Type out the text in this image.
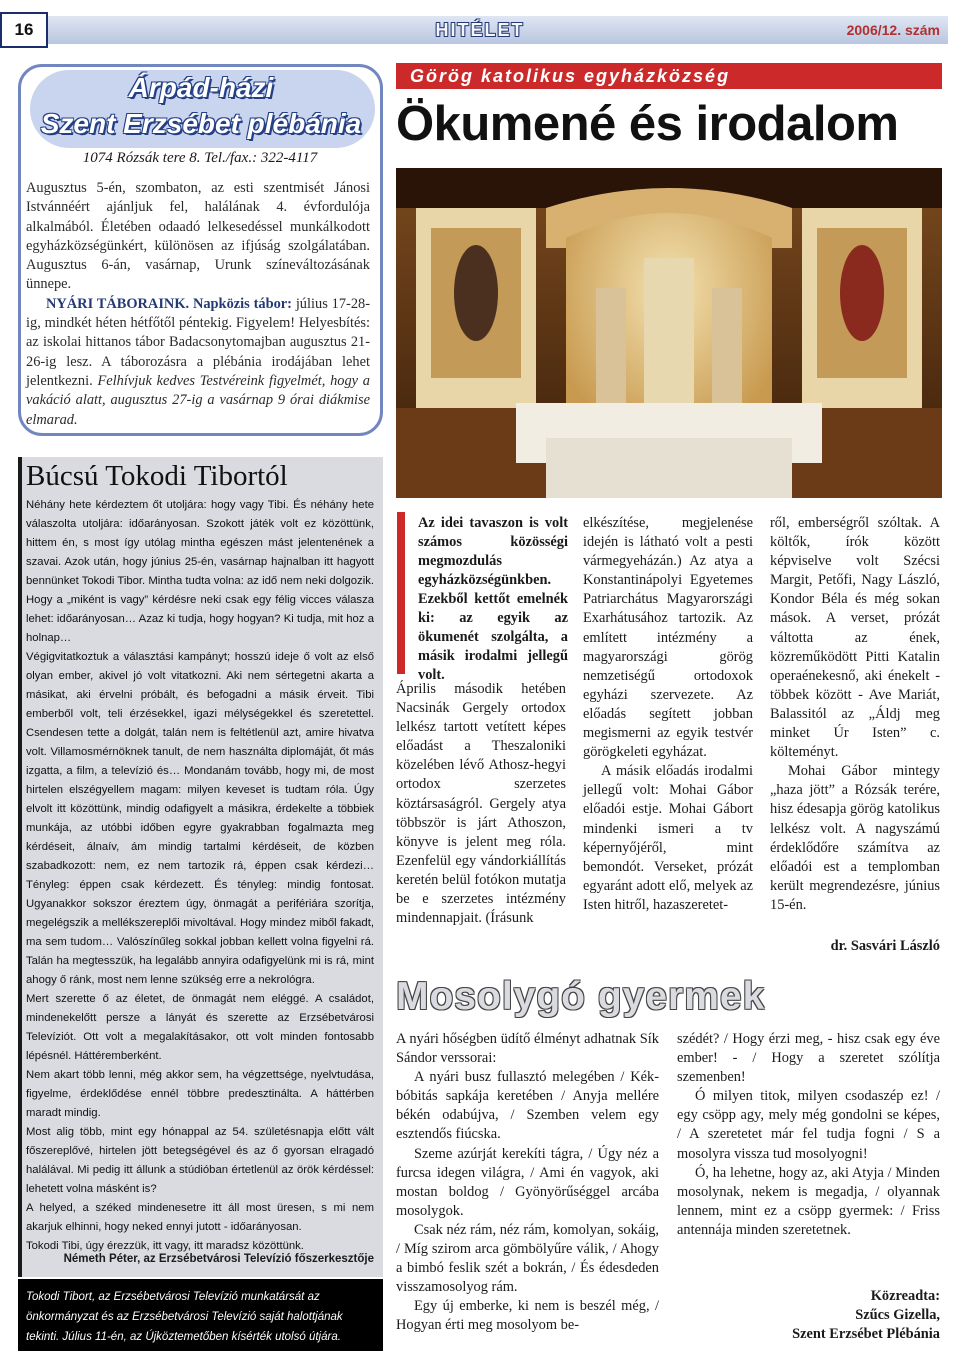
16	HITÉLET	2006/12. szám
Árpád-házi
Szent Erzsébet plébánia
1074 Rózsák tere 8. Tel./fax.: 322-4117

Augusztus 5-én, szombaton, az esti szentmisét Jánosi Istvánnéért ajánljuk fel, halálának 4. évfordulója alkalmából. Életében odaadó lelkesedéssel munkálkodott egyházközségünkért, különösen az ifjúság szolgálatában. Augusztus 6-án, vasárnap, Urunk színeváltozásának ünnepe.

NYÁRI TÁBORAINK. Napközis tábor: július 17-28-ig, mindkét héten hétfőtől péntekig. Figyelem! Helyesbítés: az iskolai hittanos tábor Badacsonytomajban augusztus 21-26-ig lesz. A táborozásra a plébánia irodájában lehet jelentkezni. Felhívjuk kedves Testvéreink figyelmét, hogy a vakáció alatt, augusztus 27-ig a vasárnap 9 órai diákmise elmarad.

Búcsú Tokodi Tibortól

Néhány hete kérdeztem őt utoljára: hogy vagy Tibi. És néhány hete válaszolta utoljára: időarányosan. Szokott játék volt ez közöttünk, hittem én, s most így utólag mintha egészen mást jelentenének a szavai. Azok után, hogy június 25-én, vasárnap hajnalban itt hagyott bennünket Tokodi Tibor. Mintha tudta volna: az idő nem neki dolgozik. Hogy a „miként is vagy” kérdésre neki csak egy félig vicces válasza lehet: időarányosan… Azaz ki tudja, hogy hogyan? Ki tudja, mit hoz a holnap…

Végigvitatkoztuk a választási kampányt; hosszú ideje ő volt az első olyan ember, akivel jó volt vitatkozni. Aki nem sértegetni akarta a másikat, aki érvelni próbált, és befogadni a másik érveit. Tibi emberből volt, teli érzésekkel, igazi mélységekkel és szeretettel. Csendesen tette a dolgát, talán nem is feltétlenül azt, amire hivatva volt. Villamosmérnöknek tanult, de nem használta diplomáját, őt más izgatta, a film, a televízió és… Mondanám tovább, hogy mi, de most hirtelen elszégyellem magam: milyen keveset is tudtam róla. Úgy elvolt itt közöttünk, mindig odafigyelt a másikra, érdekelte a többiek munkája, az utóbbi időben egyre gyakrabban fogalmazta meg kérdéseit, álnaív, ám mindig tartalmi kérdéseit, de közben szabadkozott: nem, ez nem tartozik rá, éppen csak kérdezi… Tényleg: éppen csak kérdezett. És tényleg: mindig fontosat. Ugyanakkor sokszor éreztem úgy, önmagát a perifériára szorítja, megelégszik a mellékszereplői mivoltával. Hogy mindez miből fakadt, ma sem tudom… Valószínűleg sokkal jobban kellett volna figyelni rá. Talán ha megtesszük, ha legalább annyira odafigyelünk mi is rá, mint ahogy ő ránk, most nem lenne szükség erre a nekrológra.

Mert szerette ő az életet, de önmagát nem eléggé. A családot, mindenekelőtt persze a lányát és szerette az Erzsébetvárosi Televíziót. Ott volt a megalakításakor, ott volt minden fontosabb lépésnél. Háttéremberként.

Nem akart több lenni, még akkor sem, ha végzettsége, nyelvtudása, figyelme, érdeklődése ennél többre predesztinálta. A háttérben maradt mindig.

Most alig több, mint egy hónappal az 54. születésnapja előtt vált főszereplővé, hirtelen jött betegségével és az ő gyorsan elragadó halálával. Mi pedig itt állunk a stúdióban értetlenül az örök kérdéssel: lehetett volna másként is?

A helyed, a széked mindenesetre itt áll most üresen, s mi nem akarjuk elhinni, hogy neked ennyi jutott - időarányosan.

Tokodi Tibi, úgy érezzük, itt vagy, itt maradsz közöttünk.

Németh Péter, az Erzsébetvárosi Televízió főszerkesztője
Tokodi Tibort, az Erzsébetvárosi Televízió munkatársát az önkormányzat és az Erzsébetvárosi Televízió saját halottjának tekinti. Július 11-én, az Újköztemetőben kísérték utolsó útjára.
Görög katolikus egyházközség
Ökumené és irodalom
Az idei tavaszon is volt számos közösségi megmozdulás egyházközségünkben. Ezekből kettőt emelnék ki: az egyik az ökumenét szolgálta, a másik irodalmi jellegű volt.
Április második hetében Nacsinák Gergely ortodox lelkész tartott vetített képes előadást a Theszaloniki közelében lévő Athosz-hegyi ortodox szerzetes köztársaságról. Gergely atya többször is járt Athoszon, könyve is jelent meg róla. Ezenfelül egy vándorkiállítás keretén belül fotókon mutatja be e szerzetes intézmény mindennapjait. (Írásunk

elkészítése, megjelenése idején is látható volt a pesti vármegyeházán.) Az atya a Konstantinápolyi Egyetemes Patriarchátus Magyarországi Exarhátusához tartozik. Az említett intézmény a magyarországi görög nemzetiségű ortodoxok egyházi szervezete. Az előadás segített jobban megismerni az egyik testvér görögkeleti egyházat.

A másik előadás irodalmi jellegű volt: Mohai Gábor előadói estje. Mohai Gábort mindenki ismeri a tv képernyőjéről, mint bemondót. Verseket, prózát egyaránt adott elő, melyek az Isten hitről, hazaszeretet-

ről, emberségről szóltak. A költők, írók között képviselve volt Szécsi Margit, Petőfi, Nagy László, Kondor Béla és még sokan mások. A verset, prózát váltotta az ének, közreműködött Pitti Katalin operaénekesnő, aki énekelt - többek között - Ave Mariát, Balassitól az „Áldj meg minket Úr Isten” c. költeményt.

Mohai Gábor mintegy „haza jött” a Rózsák terére, hisz édesapja görög katolikus lelkész volt. A nagyszámú érdeklődőre számítva az előadói est a templomban került megrendezésre, június 15-én.

dr. Sasvári László
Mosolygó gyermek

A nyári hőségben üdítő élményt adhatnak Sík Sándor verssorai:

A nyári busz fullasztó melegében / Kék-bóbitás sapkája keretében / Anyja mellére békén odabújva, / Szemben velem egy esztendős fiúcska.

Szeme azúrját kerekíti tágra, / Úgy néz a furcsa idegen világra, / Ami én vagyok, aki mostan boldog / Gyönyörűséggel arcába mosolygok.

Csak néz rám, néz rám, komolyan, sokáig, / Míg szirom arca gömbölyűre válik, / Ahogy a bimbó feslik szét a bokrán, / És édesdeden visszamosolyog rám.

Egy új emberke, ki nem is beszél még, / Hogyan érti meg mosolyom be-

szédét? / Hogy érzi meg, - hisz csak egy éve ember! - / Hogy a szeretet szólítja szemenben!

Ó milyen titok, milyen csodaszép ez! / egy csöpp agy, mely még gondolni se képes, / A szeretetet már fel tudja fogni / S a mosolyra vissza tud mosolyogni!

Ó, ha lehetne, hogy az, aki Atyja / Minden mosolynak, nekem is megadja, / olyannak lennem, mint ez a csöpp gyermek: / Friss antennája minden szeretetnek.

Közreadta:
Szűcs Gizella,
Szent Erzsébet Plébánia
